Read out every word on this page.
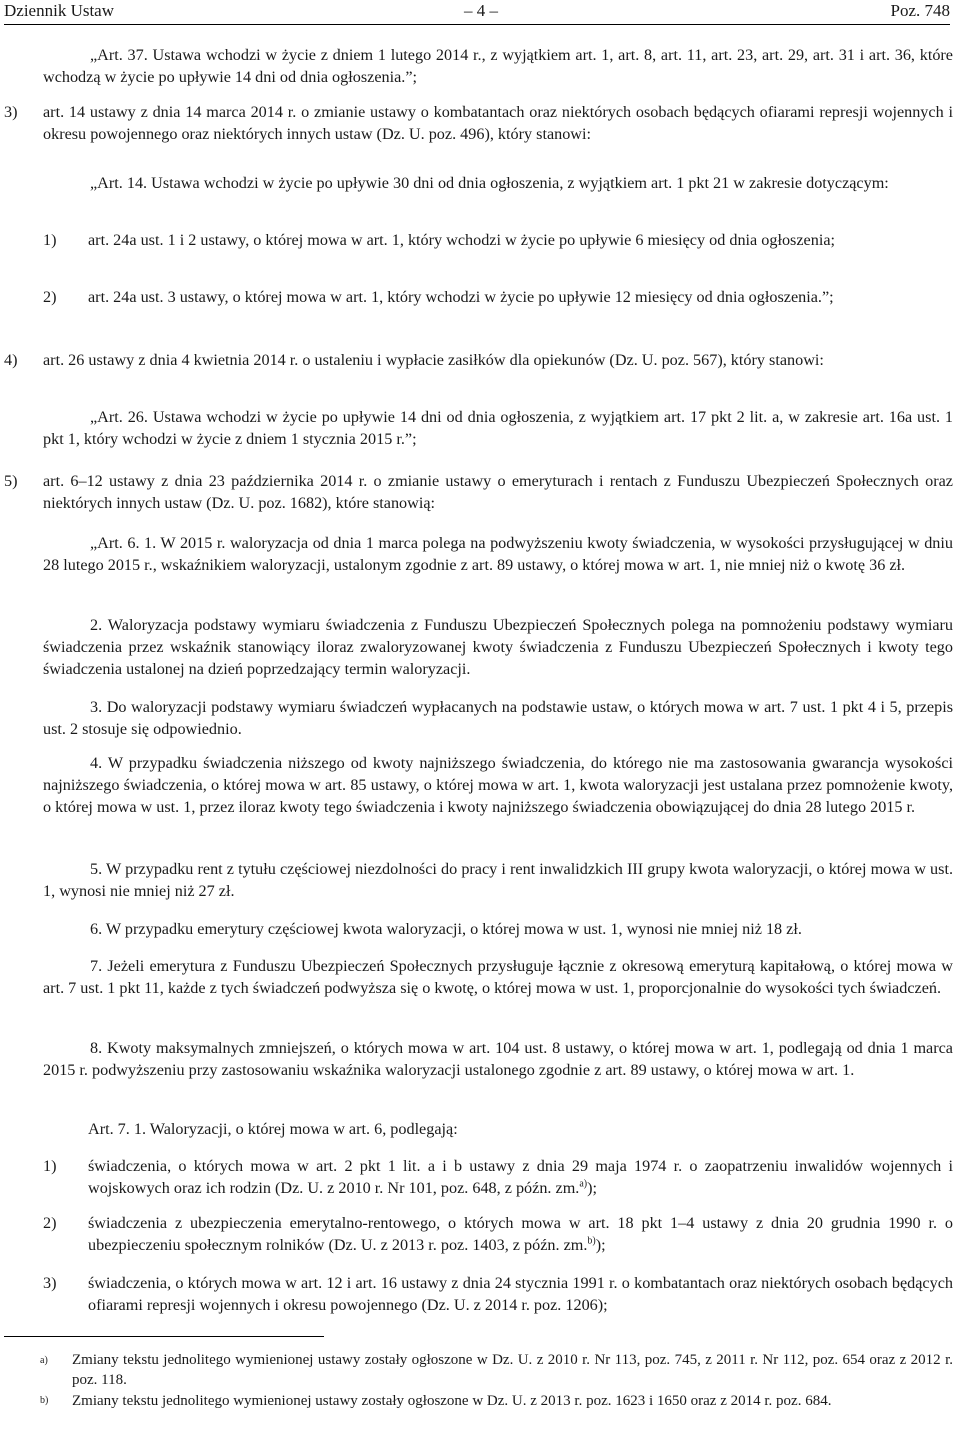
Dziennik Ustaw	– 4 –	Poz. 748
„Art. 37. Ustawa wchodzi w życie z dniem 1 lutego 2014 r., z wyjątkiem art. 1, art. 8, art. 11, art. 23, art. 29, art. 31 i art. 36, które wchodzą w życie po upływie 14 dni od dnia ogłoszenia.”;
3) art. 14 ustawy z dnia 14 marca 2014 r. o zmianie ustawy o kombatantach oraz niektórych osobach będących ofiarami represji wojennych i okresu powojennego oraz niektórych innych ustaw (Dz. U. poz. 496), który stanowi:
„Art. 14. Ustawa wchodzi w życie po upływie 30 dni od dnia ogłoszenia, z wyjątkiem art. 1 pkt 21 w zakresie dotyczącym:
1) art. 24a ust. 1 i 2 ustawy, o której mowa w art. 1, który wchodzi w życie po upływie 6 miesięcy od dnia ogłoszenia;
2) art. 24a ust. 3 ustawy, o której mowa w art. 1, który wchodzi w życie po upływie 12 miesięcy od dnia ogłoszenia.”;
4) art. 26 ustawy z dnia 4 kwietnia 2014 r. o ustaleniu i wypłacie zasiłków dla opiekunów (Dz. U. poz. 567), który stanowi:
„Art. 26. Ustawa wchodzi w życie po upływie 14 dni od dnia ogłoszenia, z wyjątkiem art. 17 pkt 2 lit. a, w zakresie art. 16a ust. 1 pkt 1, który wchodzi w życie z dniem 1 stycznia 2015 r.”;
5) art. 6–12 ustawy z dnia 23 października 2014 r. o zmianie ustawy o emeryturach i rentach z Funduszu Ubezpieczeń Społecznych oraz niektórych innych ustaw (Dz. U. poz. 1682), które stanowią:
„Art. 6. 1. W 2015 r. waloryzacja od dnia 1 marca polega na podwyższeniu kwoty świadczenia, w wysokości przysługującej w dniu 28 lutego 2015 r., wskaźnikiem waloryzacji, ustalonym zgodnie z art. 89 ustawy, o której mowa w art. 1, nie mniej niż o kwotę 36 zł.
2. Waloryzacja podstawy wymiaru świadczenia z Funduszu Ubezpieczeń Społecznych polega na pomnożeniu podstawy wymiaru świadczenia przez wskaźnik stanowiący iloraz zwaloryzowanej kwoty świadczenia z Funduszu Ubezpieczeń Społecznych i kwoty tego świadczenia ustalonej na dzień poprzedzający termin waloryzacji.
3. Do waloryzacji podstawy wymiaru świadczeń wypłacanych na podstawie ustaw, o których mowa w art. 7 ust. 1 pkt 4 i 5, przepis ust. 2 stosuje się odpowiednio.
4. W przypadku świadczenia niższego od kwoty najniższego świadczenia, do którego nie ma zastosowania gwarancja wysokości najniższego świadczenia, o której mowa w art. 85 ustawy, o której mowa w art. 1, kwota waloryzacji jest ustalana przez pomnożenie kwoty, o której mowa w ust. 1, przez iloraz kwoty tego świadczenia i kwoty najniższego świadczenia obowiązującej do dnia 28 lutego 2015 r.
5. W przypadku rent z tytułu częściowej niezdolności do pracy i rent inwalidzkich III grupy kwota waloryzacji, o której mowa w ust. 1, wynosi nie mniej niż 27 zł.
6. W przypadku emerytury częściowej kwota waloryzacji, o której mowa w ust. 1, wynosi nie mniej niż 18 zł.
7. Jeżeli emerytura z Funduszu Ubezpieczeń Społecznych przysługuje łącznie z okresową emeryturą kapitałową, o której mowa w art. 7 ust. 1 pkt 11, każde z tych świadczeń podwyższa się o kwotę, o której mowa w ust. 1, proporcjonalnie do wysokości tych świadczeń.
8. Kwoty maksymalnych zmniejszeń, o których mowa w art. 104 ust. 8 ustawy, o której mowa w art. 1, podlegają od dnia 1 marca 2015 r. podwyższeniu przy zastosowaniu wskaźnika waloryzacji ustalonego zgodnie z art. 89 ustawy, o której mowa w art. 1.
Art. 7. 1. Waloryzacji, o której mowa w art. 6, podlegają:
1) świadczenia, o których mowa w art. 2 pkt 1 lit. a i b ustawy z dnia 29 maja 1974 r. o zaopatrzeniu inwalidów wojennych i wojskowych oraz ich rodzin (Dz. U. z 2010 r. Nr 101, poz. 648, z późn. zm.$^{a)}$);
2) świadczenia z ubezpieczenia emerytalno-rentowego, o których mowa w art. 18 pkt 1–4 ustawy z dnia 20 grudnia 1990 r. o ubezpieczeniu społecznym rolników (Dz. U. z 2013 r. poz. 1403, z późn. zm.$^{b)}$);
3) świadczenia, o których mowa w art. 12 i art. 16 ustawy z dnia 24 stycznia 1991 r. o kombatantach oraz niektórych osobach będących ofiarami represji wojennych i okresu powojennego (Dz. U. z 2014 r. poz. 1206);
a) Zmiany tekstu jednolitego wymienionej ustawy zostały ogłoszone w Dz. U. z 2010 r. Nr 113, poz. 745, z 2011 r. Nr 112, poz. 654 oraz z 2012 r. poz. 118.
b) Zmiany tekstu jednolitego wymienionej ustawy zostały ogłoszone w Dz. U. z 2013 r. poz. 1623 i 1650 oraz z 2014 r. poz. 684.
